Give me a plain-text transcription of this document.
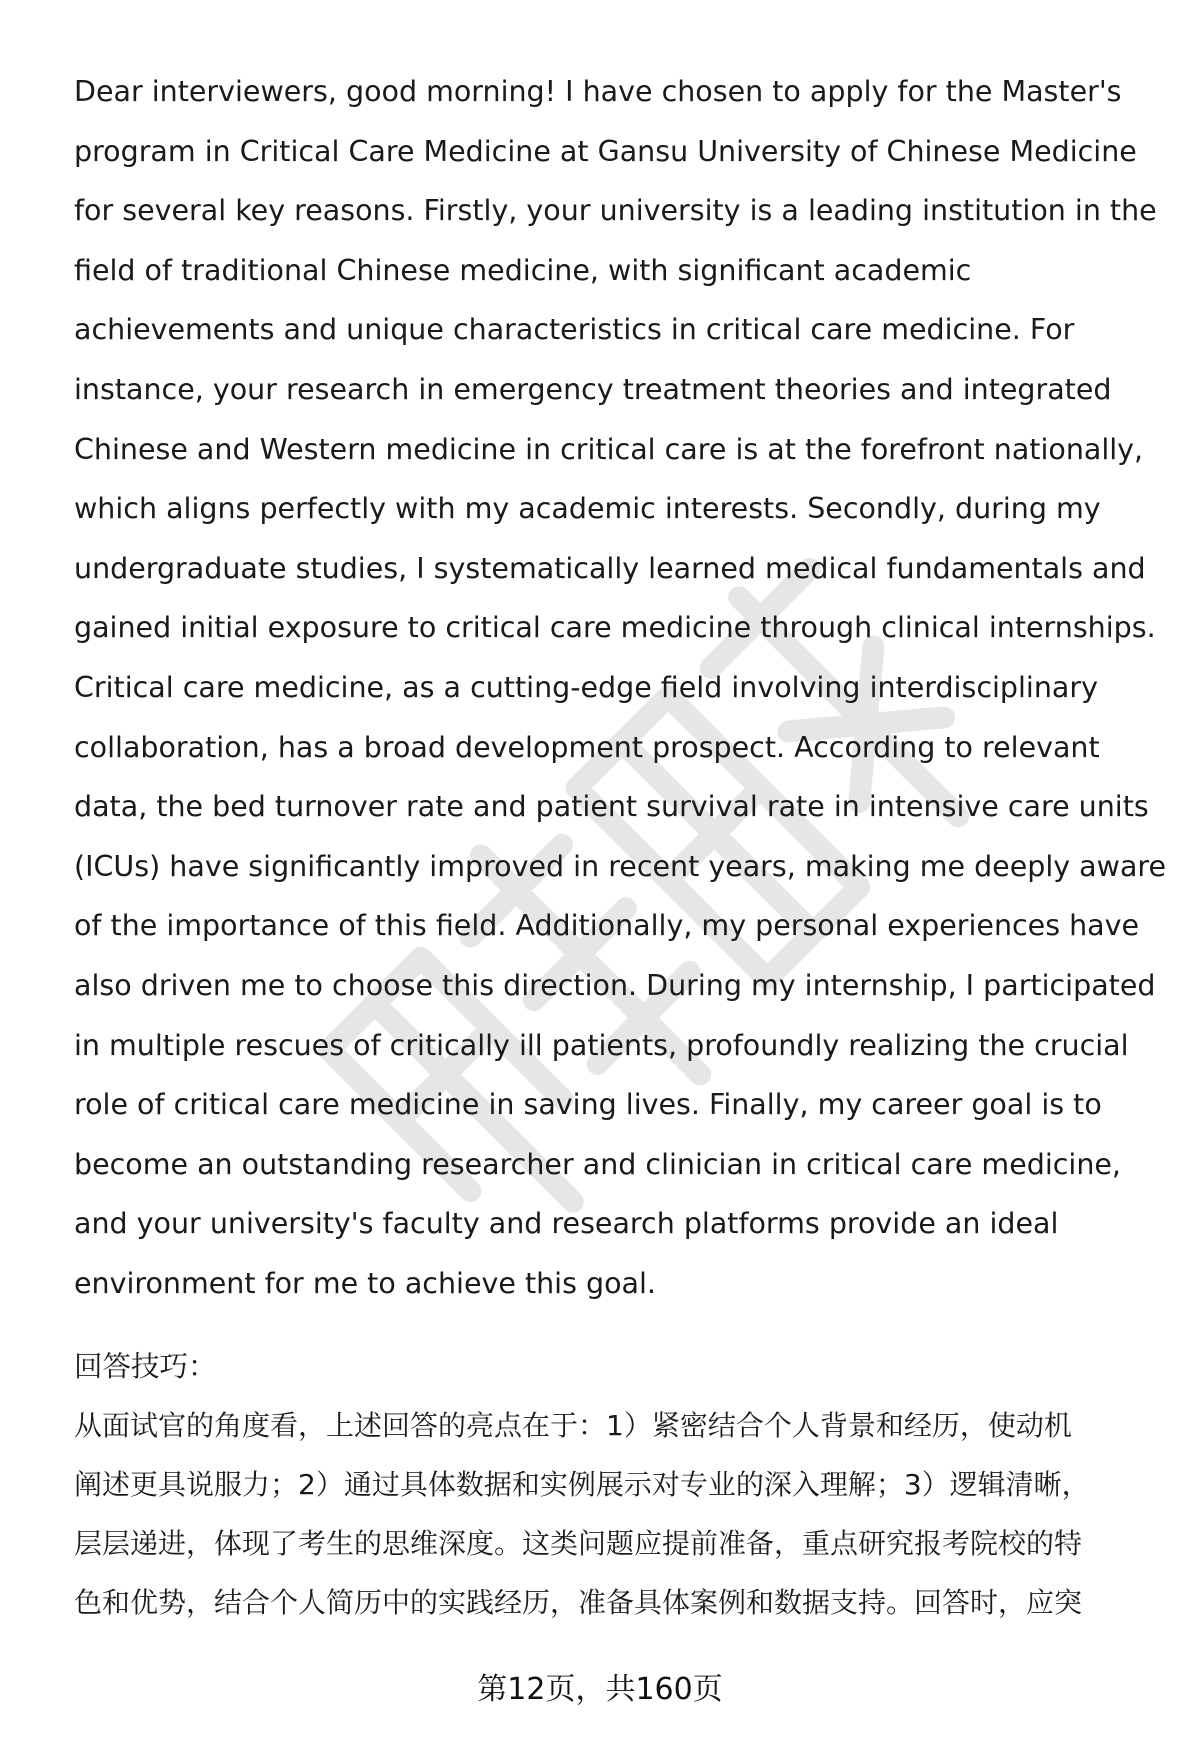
Dear interviewers, good morning! I have chosen to apply for the Master's
program in Critical Care Medicine at Gansu University of Chinese Medicine
for several key reasons. Firstly, your university is a leading institution in the
field of traditional Chinese medicine, with significant academic
achievements and unique characteristics in critical care medicine. For
instance, your research in emergency treatment theories and integrated
Chinese and Western medicine in critical care is at the forefront nationally,
which aligns perfectly with my academic interests. Secondly, during my
undergraduate studies, I systematically learned medical fundamentals and
gained initial exposure to critical care medicine through clinical internships.
Critical care medicine, as a cutting-edge field involving interdisciplinary
collaboration, has a broad development prospect. According to relevant
data, the bed turnover rate and patient survival rate in intensive care units
(ICUs) have significantly improved in recent years, making me deeply aware
of the importance of this field. Additionally, my personal experiences have
also driven me to choose this direction. During my internship, I participated
in multiple rescues of critically ill patients, profoundly realizing the crucial
role of critical care medicine in saving lives. Finally, my career goal is to
become an outstanding researcher and clinician in critical care medicine,
and your university's faculty and research platforms provide an ideal
environment for me to achieve this goal.

回答技巧：
从面试官的角度看，上述回答的亮点在于：1）紧密结合个人背景和经历，使动机
阐述更具说服力；2）通过具体数据和实例展示对专业的深入理解；3）逻辑清晰，
层层递进，体现了考生的思维深度。这类问题应提前准备，重点研究报考院校的特
色和优势，结合个人简历中的实践经历，准备具体案例和数据支持。回答时，应突
第12页，共160页
